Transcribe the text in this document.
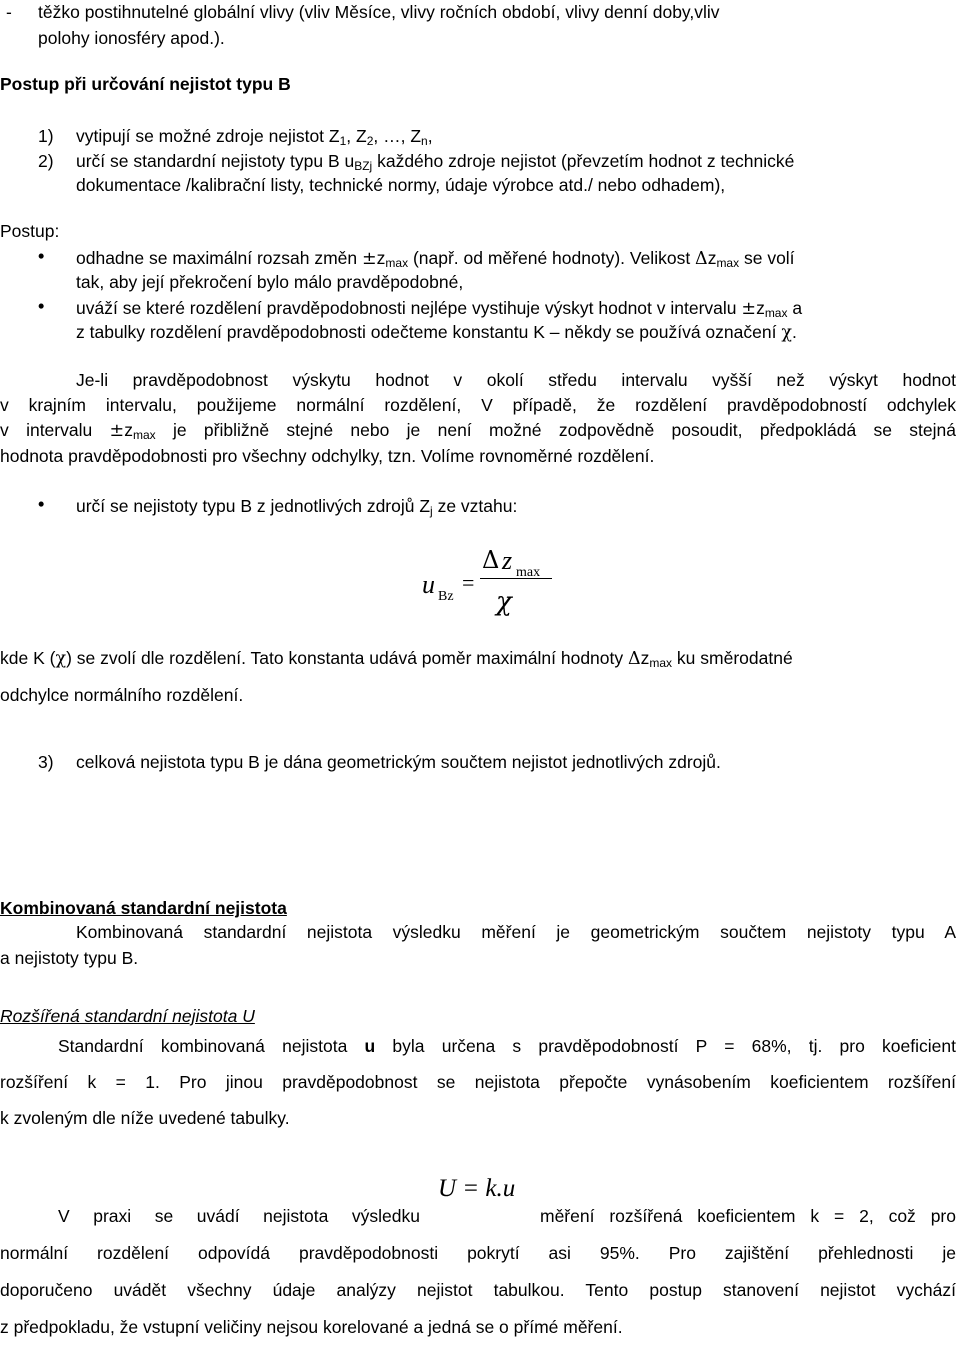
- těžko postihnutelné globální vlivy (vliv Měsíce, vlivy ročních období, vlivy denní doby,vliv
polohy ionosféry apod.).
Postup při určování nejistot typu B
1) vytipují se možné zdroje nejistot $Z_1$, $Z_2$, …, $Z_n$,
2) určí se standardní nejistoty typu B $u_{BZj}$ každého zdroje nejistot (převzetím hodnot z technické
dokumentace /kalibrační listy, technické normy, údaje výrobce atd./ nebo odhadem),
Postup:
• odhadne se maximální rozsah změn $\pm z_{max}$ (např. od měřené hodnoty). Velikost $\Delta z_{max}$ se volí
tak, aby její překročení bylo málo pravděpodobné,
• uváží se které rozdělení pravděpodobnosti nejlépe vystihuje výskyt hodnot v intervalu $\pm z_{max}$ a
z tabulky rozdělení pravděpodobnosti odečteme konstantu K – někdy se používá označení χ.
Je-li pravděpodobnost výskytu hodnot v okolí středu intervalu vyšší než výskyt hodnot
v krajním intervalu, použijeme normální rozdělení, V případě, že rozdělení pravděpodobností odchylek
v intervalu $\pm z_{max}$ je přibližně stejné nebo je není možné zodpovědně posoudit, předpokládá se stejná
hodnota pravděpodobnosti pro všechny odchylky, tzn. Volíme rovnoměrné rozdělení.
• určí se nejistoty typu B z jednotlivých zdrojů $Z_j$ ze vztahu:
u Bz
=
Δ z max
χ
kde K (χ) se zvolí dle rozdělení. Tato konstanta udává poměr maximální hodnoty $\Delta z_{max}$ ku směrodatné
odchylce normálního rozdělení.
3) celková nejistota typu B je dána geometrickým součtem nejistot jednotlivých zdrojů.
Kombinovaná standardní nejistota
Kombinovaná standardní nejistota výsledku měření je geometrickým součtem nejistoty typu A
a nejistoty typu B.
Rozšířená standardní nejistota U
Standardní kombinovaná nejistota u byla určena s pravděpodobností P = 68%, tj. pro koeficient
rozšíření k = 1. Pro jinou pravděpodobnost se nejistota přepočte vynásobením koeficientem rozšíření
k zvoleným dle níže uvedené tabulky.
U = k.u
V praxi se uvádí nejistota výsledku	měření rozšířená koeficientem k = 2, což pro
normální rozdělení odpovídá pravděpodobnosti pokrytí asi 95%. Pro zajištění přehlednosti je
doporučeno uvádět všechny údaje analýzy nejistot tabulkou. Tento postup stanovení nejistot vychází
z předpokladu, že vstupní veličiny nejsou korelované a jedná se o přímé měření.
